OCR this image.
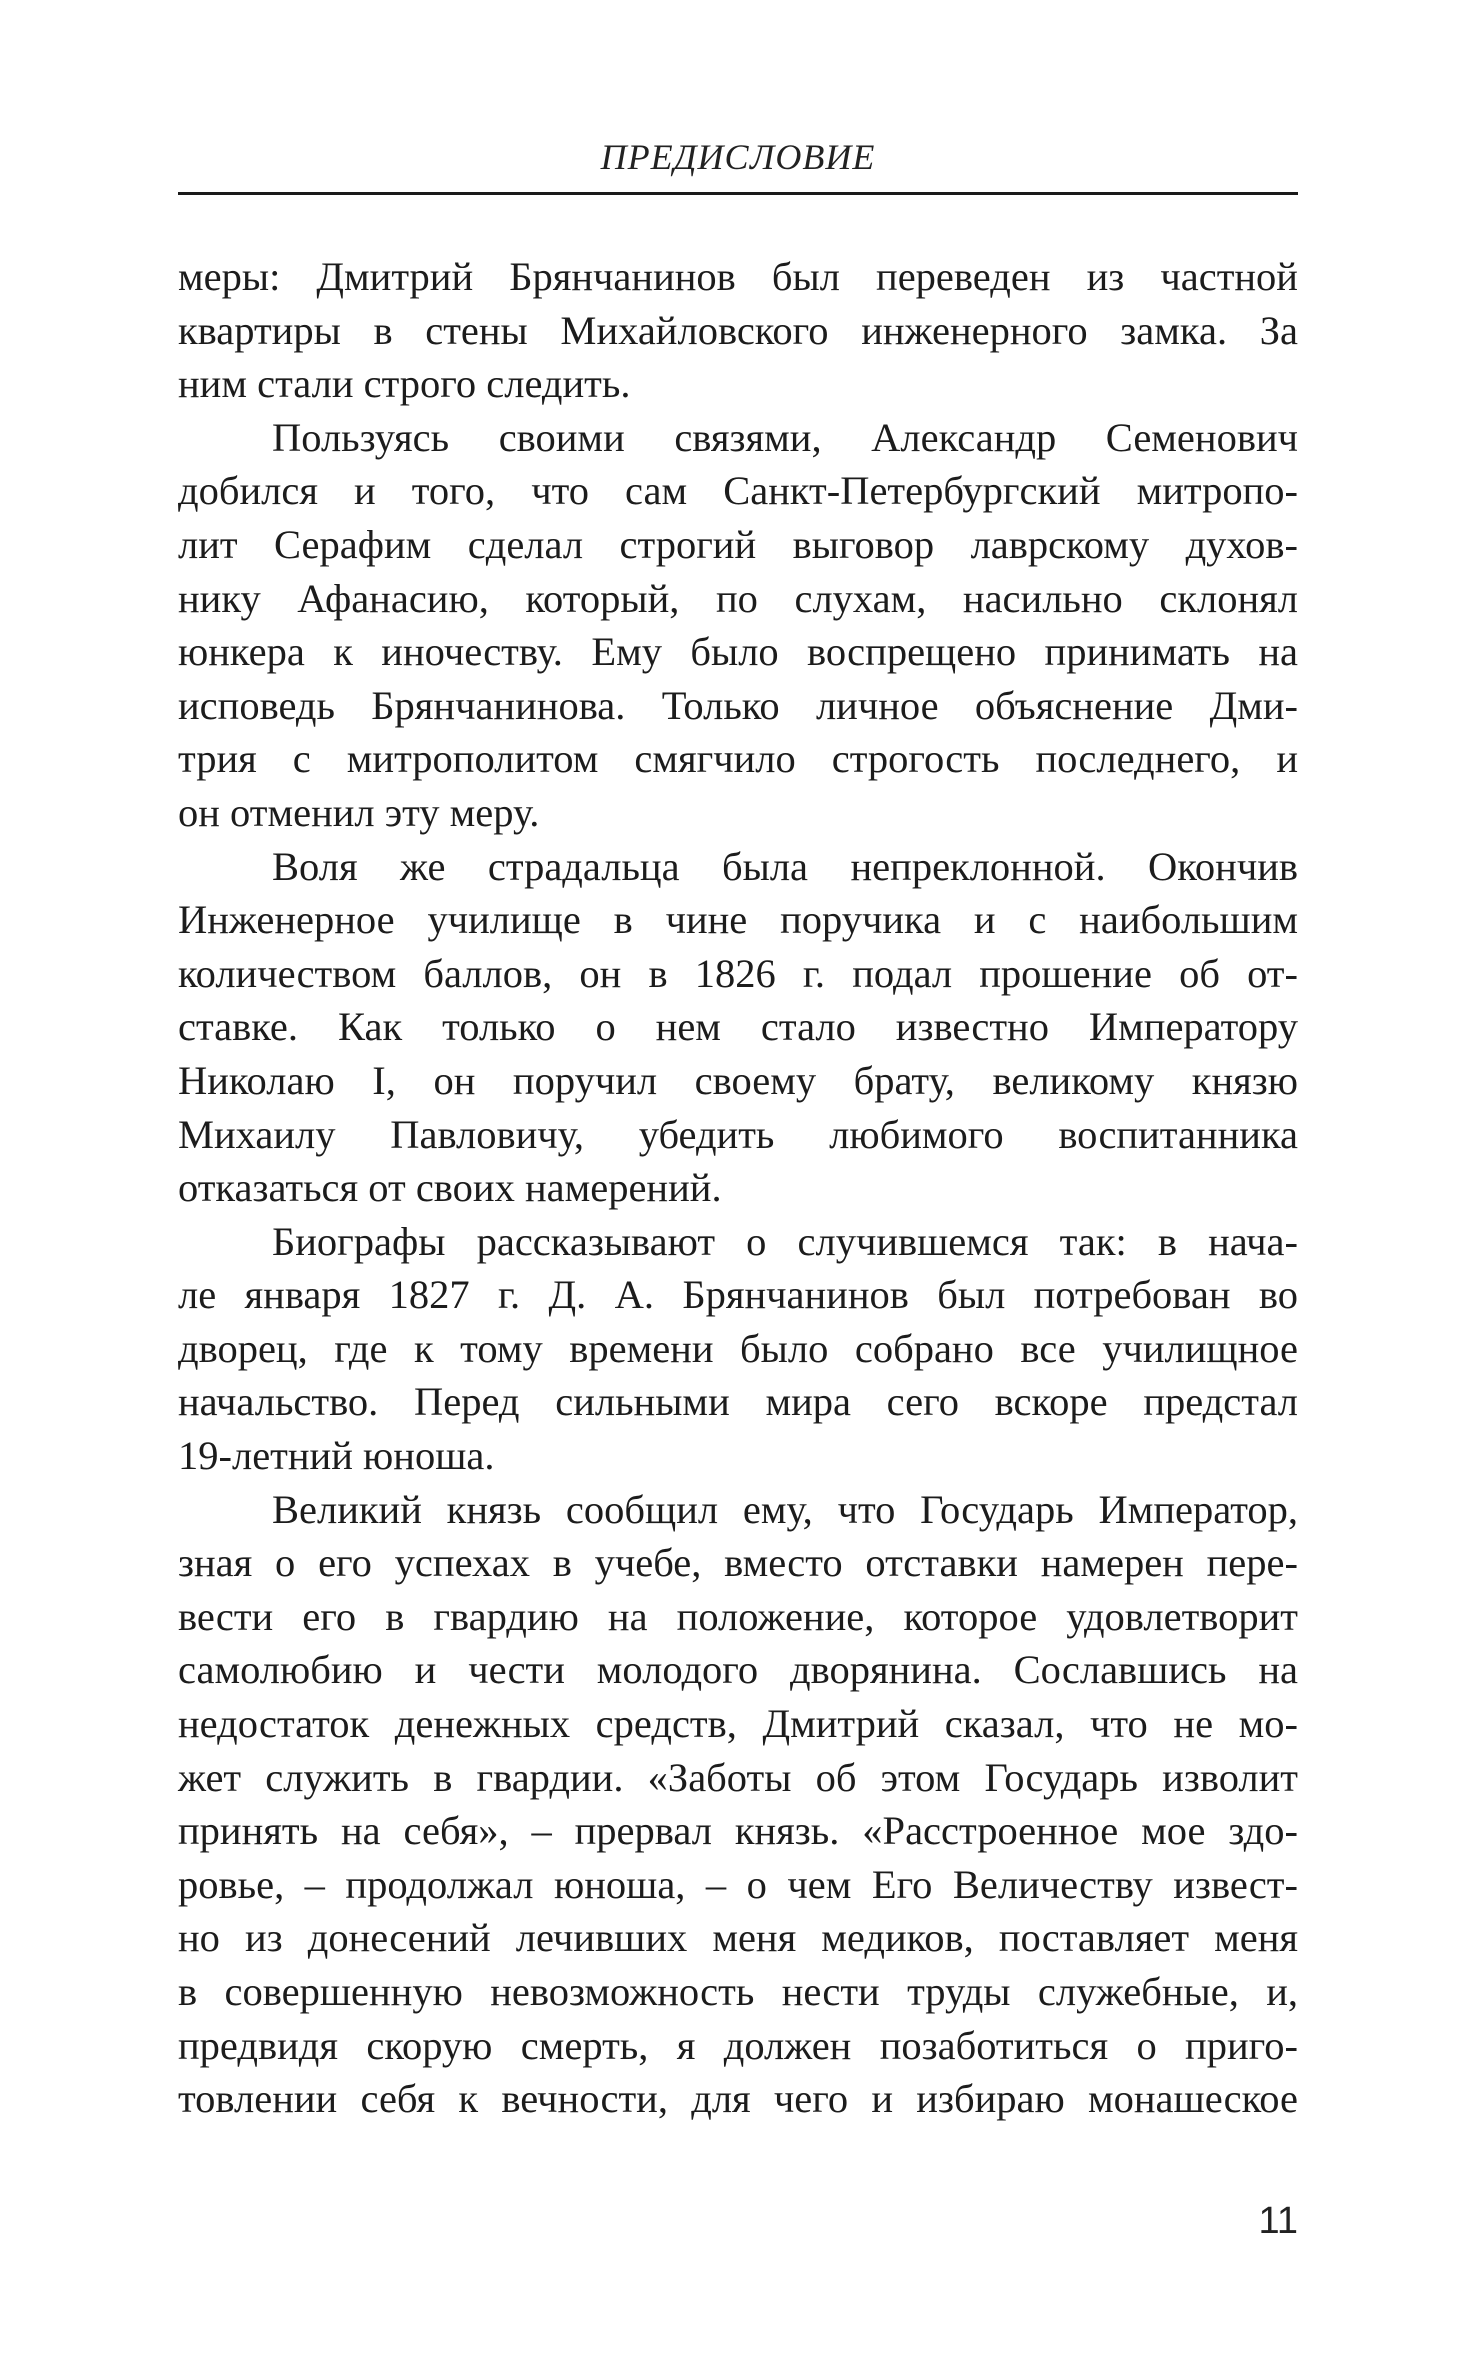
ПРЕДИСЛОВИЕ
меры: Дмитрий Брянчанинов был переведен из частной
квартиры в стены Михайловского инженерного замка. За
ним стали строго следить.
Пользуясь своими связями, Александр Семенович
добился и того, что сам Санкт-Петербургский митропо-
лит Серафим сделал строгий выговор лаврскому духов-
нику Афанасию, который, по слухам, насильно склонял
юнкера к иночеству. Ему было воспрещено принимать на
исповедь Брянчанинова. Только личное объяснение Дми-
трия с митрополитом смягчило строгость последнего, и
он отменил эту меру.
Воля же страдальца была непреклонной. Окончив
Инженерное училище в чине поручика и с наибольшим
количеством баллов, он в 1826 г. подал прошение об от-
ставке. Как только о нем стало известно Императору
Николаю I, он поручил своему брату, великому князю
Михаилу Павловичу, убедить любимого воспитанника
отказаться от своих намерений.
Биографы рассказывают о случившемся так: в нача-
ле января 1827 г. Д. А. Брянчанинов был потребован во
дворец, где к тому времени было собрано все училищное
начальство. Перед сильными мира сего вскоре предстал
19-летний юноша.
Великий князь сообщил ему, что Государь Император,
зная о его успехах в учебе, вместо отставки намерен пере-
вести его в гвардию на положение, которое удовлетворит
самолюбию и чести молодого дворянина. Сославшись на
недостаток денежных средств, Дмитрий сказал, что не мо-
жет служить в гвардии. «Заботы об этом Государь изволит
принять на себя», – прервал князь. «Расстроенное мое здо-
ровье, – продолжал юноша, – о чем Его Величеству извест-
но из донесений лечивших меня медиков, поставляет меня
в совершенную невозможность нести труды служебные, и,
предвидя скорую смерть, я должен позаботиться о приго-
товлении себя к вечности, для чего и избираю монашеское
11
